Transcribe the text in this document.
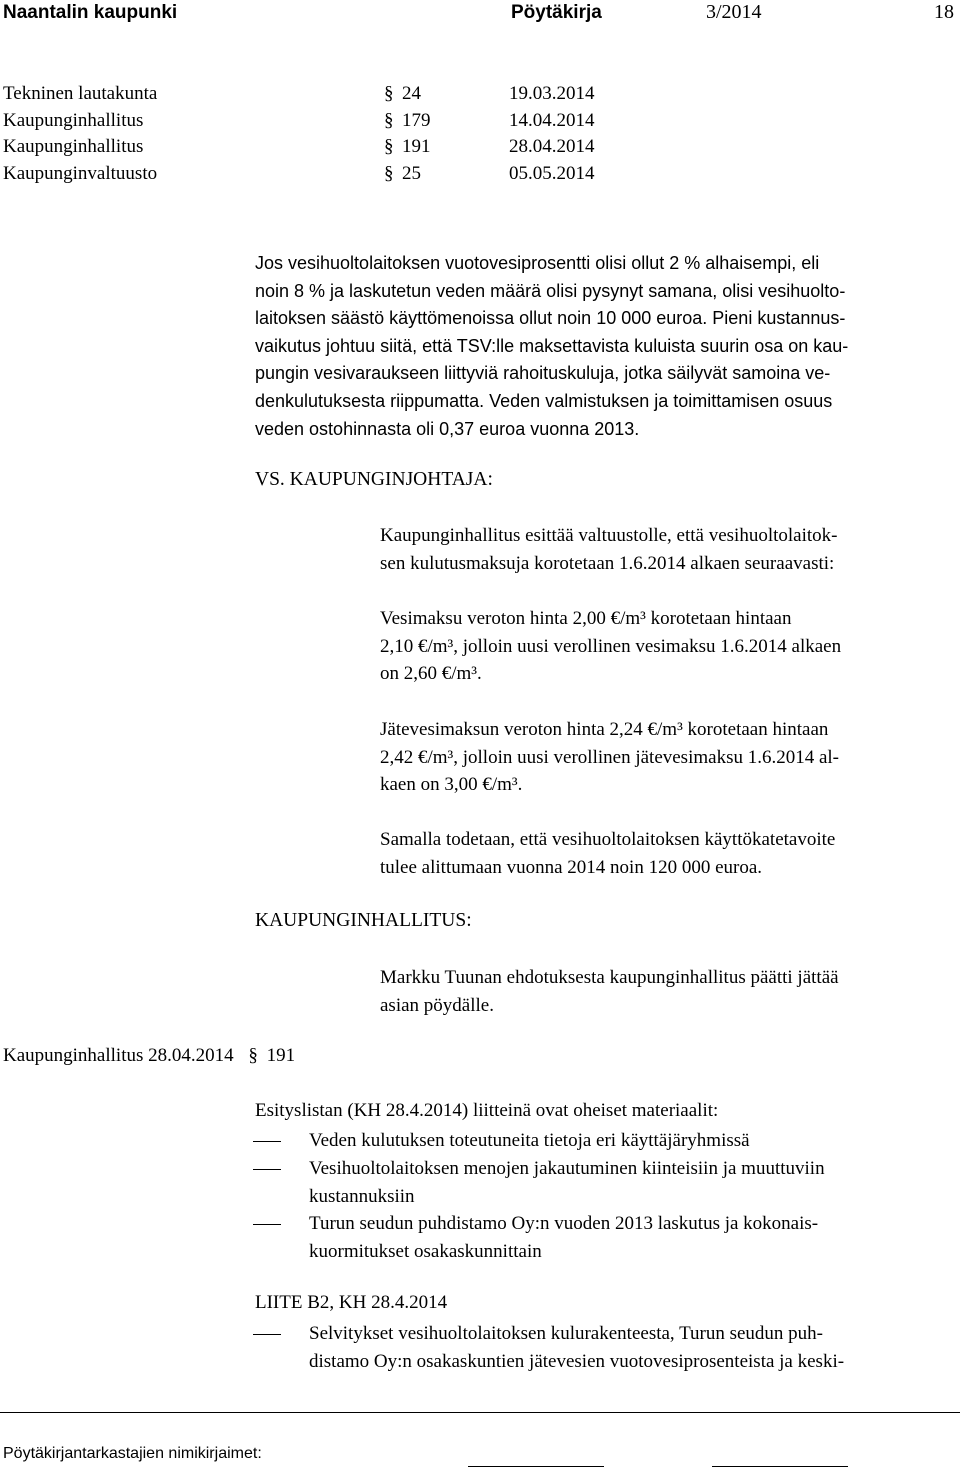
Naantalin kaupunki	Pöytäkirja	3/2014	18
Tekninen lautakunta	§ 24	19.03.2014
Kaupunginhallitus	§ 179	14.04.2014
Kaupunginhallitus	§ 191	28.04.2014
Kaupunginvaltuusto	§ 25	05.05.2014
Jos vesihuoltolaitoksen vuotovesiprosentti olisi ollut 2 % alhaisempi, eli
noin 8 % ja laskutetun veden määrä olisi pysynyt samana, olisi vesihuolto-
laitoksen säästö käyttömenoissa ollut noin 10 000 euroa. Pieni kustannus-
vaikutus johtuu siitä, että TSV:lle maksettavista kuluista suurin osa on kau-
pungin vesivaraukseen liittyviä rahoituskuluja, jotka säilyvät samoina ve-
denkulutuksesta riippumatta. Veden valmistuksen ja toimittamisen osuus
veden ostohinnasta oli 0,37 euroa vuonna 2013.
VS. KAUPUNGINJOHTAJA:
Kaupunginhallitus esittää valtuustolle, että vesihuoltolaitok-
sen kulutusmaksuja korotetaan 1.6.2014 alkaen seuraavasti:
Vesimaksu veroton hinta 2,00 €/m³ korotetaan hintaan
2,10 €/m³, jolloin uusi verollinen vesimaksu 1.6.2014 alkaen
on 2,60 €/m³.
Jätevesimaksun veroton hinta 2,24 €/m³ korotetaan hintaan
2,42 €/m³, jolloin uusi verollinen jätevesimaksu 1.6.2014 al-
kaen on 3,00 €/m³.
Samalla todetaan, että vesihuoltolaitoksen käyttökatetavoite
tulee alittumaan vuonna 2014 noin 120 000 euroa.
KAUPUNGINHALLITUS:
Markku Tuunan ehdotuksesta kaupunginhallitus päätti jättää
asian pöydälle.
Kaupunginhallitus 28.04.2014 § 191
Esityslistan (KH 28.4.2014) liitteinä ovat oheiset materiaalit:
Veden kulutuksen toteutuneita tietoja eri käyttäjäryhmissä
Vesihuoltolaitoksen menojen jakautuminen kiinteisiin ja muuttuviin
kustannuksiin
Turun seudun puhdistamo Oy:n vuoden 2013 laskutus ja kokonais-
kuormitukset osakaskunnittain
LIITE B2, KH 28.4.2014
Selvitykset vesihuoltolaitoksen kulurakenteesta, Turun seudun puh-
distamo Oy:n osakaskuntien jätevesien vuotovesiprosenteista ja keski-
Pöytäkirjantarkastajien nimikirjaimet:
